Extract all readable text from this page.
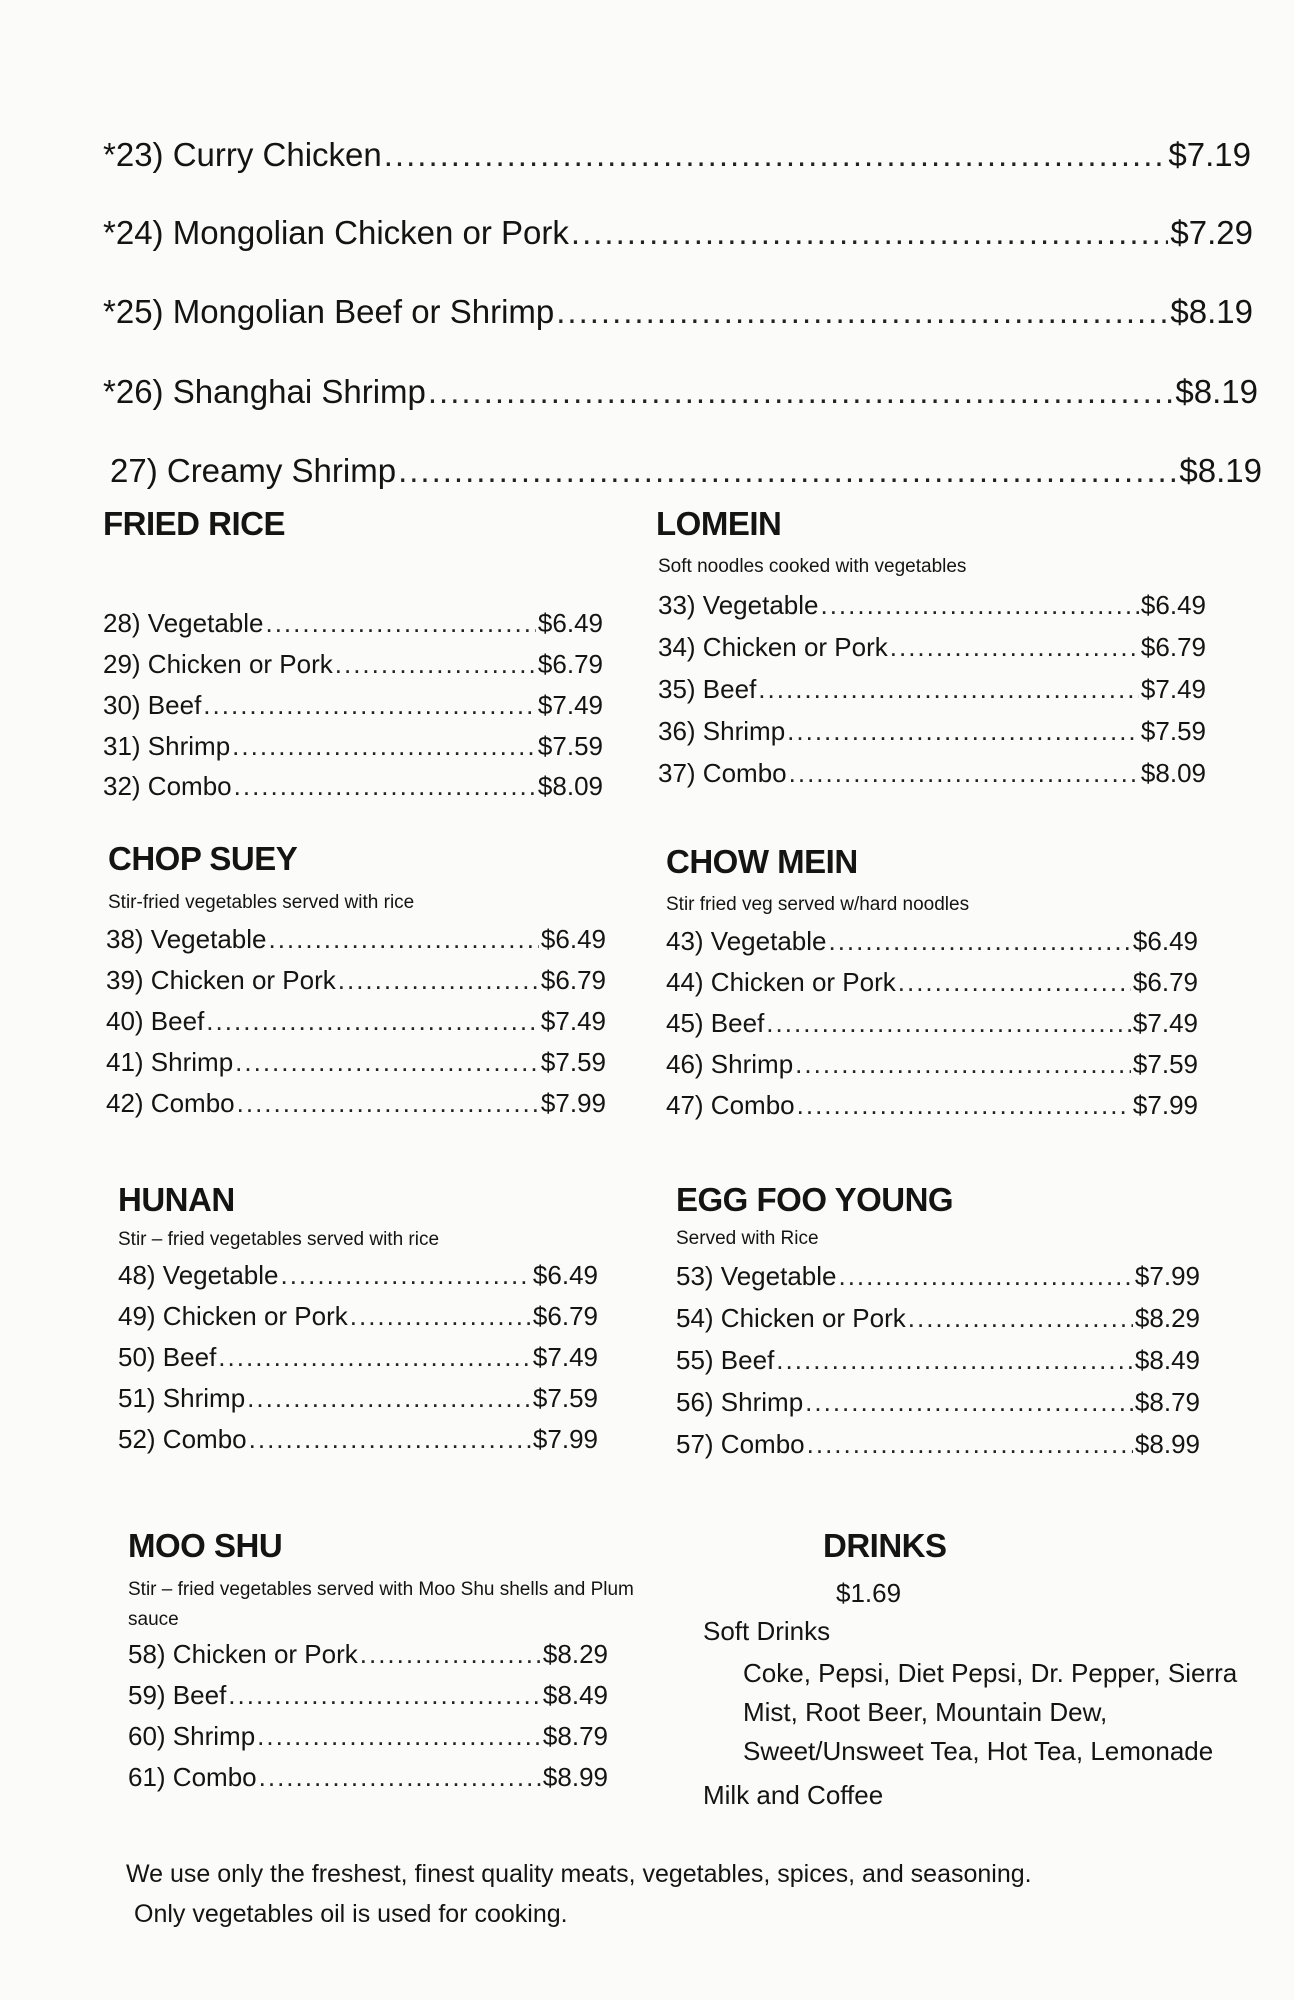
*23) Curry Chicken .....	$7.19
*24) Mongolian Chicken or Pork .....	$7.29
*25) Mongolian Beef or Shrimp .....	$8.19
*26) Shanghai Shrimp .....	$8.19
27) Creamy Shrimp .....	$8.19
FRIED RICE
28) Vegetable .....	$6.49
29) Chicken or Pork .....	$6.79
30) Beef .....	$7.49
31) Shrimp .....	$7.59
32) Combo .....	$8.09
LOMEIN
Soft noodles cooked with vegetables
33) Vegetable .....	$6.49
34) Chicken or Pork .....	$6.79
35) Beef .....	$7.49
36) Shrimp .....	$7.59
37) Combo .....	$8.09
CHOP SUEY
Stir-fried vegetables served with rice
38) Vegetable .....	$6.49
39) Chicken or Pork .....	$6.79
40) Beef .....	$7.49
41) Shrimp .....	$7.59
42) Combo .....	$7.99
CHOW MEIN
Stir fried veg served w/hard noodles
43) Vegetable .....	$6.49
44) Chicken or Pork .....	$6.79
45) Beef .....	$7.49
46) Shrimp .....	$7.59
47) Combo .....	$7.99
HUNAN
Stir – fried vegetables served with rice
48) Vegetable .....	$6.49
49) Chicken or Pork .....	$6.79
50) Beef .....	$7.49
51) Shrimp .....	$7.59
52) Combo .....	$7.99
EGG FOO YOUNG
Served with Rice
53) Vegetable .....	$7.99
54) Chicken or Pork .....	$8.29
55) Beef .....	$8.49
56) Shrimp .....	$8.79
57) Combo .....	$8.99
MOO SHU
Stir – fried vegetables served with Moo Shu shells and Plum sauce
58) Chicken or Pork .....	$8.29
59) Beef .....	$8.49
60) Shrimp .....	$8.79
61) Combo .....	$8.99
DRINKS
$1.69
Soft Drinks
Coke, Pepsi, Diet Pepsi, Dr. Pepper, Sierra Mist, Root Beer, Mountain Dew, Sweet/Unsweet Tea, Hot Tea, Lemonade
Milk and Coffee
We use only the freshest, finest quality meats, vegetables, spices, and seasoning.
Only vegetables oil is used for cooking.
